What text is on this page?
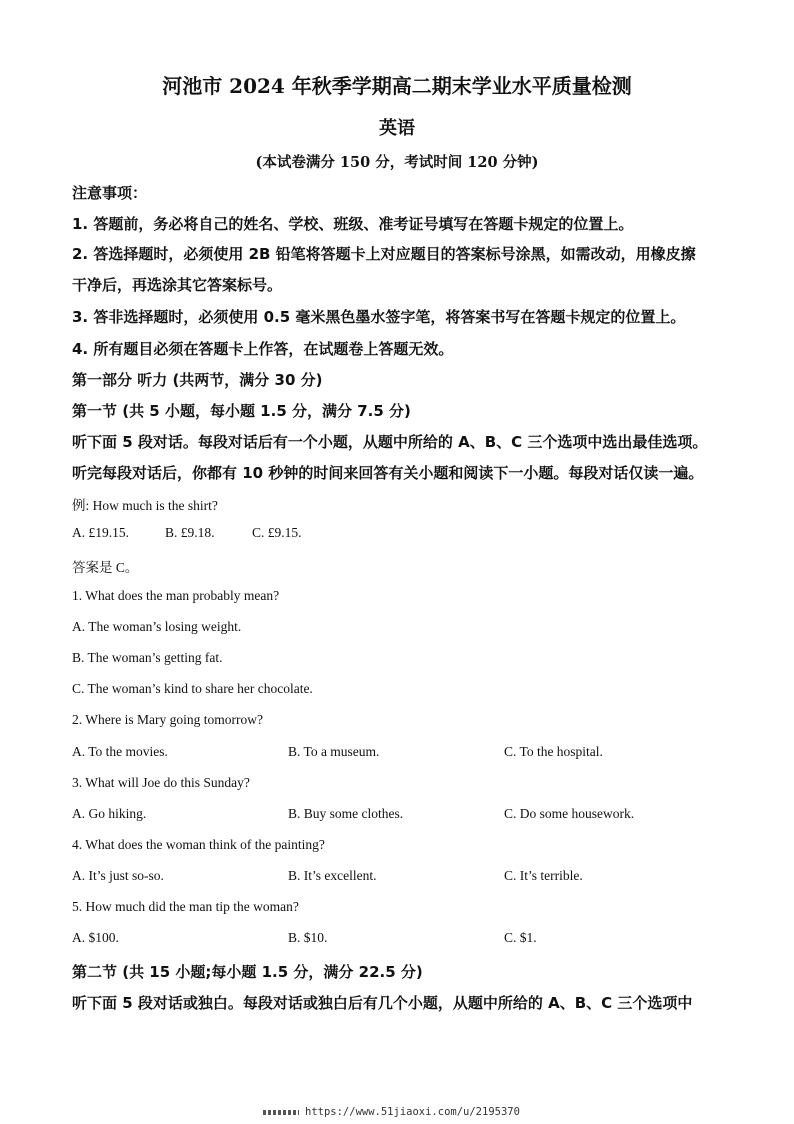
河池市 2024 年秋季学期高二期末学业水平质量检测
英语
(本试卷满分 150 分，考试时间 120 分钟)
注意事项：
1. 答题前，务必将自己的姓名、学校、班级、准考证号填写在答题卡规定的位置上。
2. 答选择题时，必须使用 2B 铅笔将答题卡上对应题目的答案标号涂黑，如需改动，用橡皮擦
干净后，再选涂其它答案标号。
3. 答非选择题时，必须使用 0.5 毫米黑色墨水签字笔，将答案书写在答题卡规定的位置上。
4. 所有题目必须在答题卡上作答，在试题卷上答题无效。
第一部分 听力 (共两节，满分 30 分)
第一节 (共 5 小题，每小题 1.5 分，满分 7.5 分)
听下面 5 段对话。每段对话后有一个小题，从题中所给的 A、B、C 三个选项中选出最佳选项。
听完每段对话后，你都有 10 秒钟的时间来回答有关小题和阅读下一小题。每段对话仅读一遍。
例: How much is the shirt?
A. £19.15.	B. £9.18.	C. £9.15.
答案是 C。
1. What does the man probably mean?
A. The woman’s losing weight.
B. The woman’s getting fat.
C. The woman’s kind to share her chocolate.
2. Where is Mary going tomorrow?
A. To the movies.	B. To a museum.	C. To the hospital.
3. What will Joe do this Sunday?
A. Go hiking.	B. Buy some clothes.	C. Do some housework.
4. What does the woman think of the painting?
A. It’s just so-so.	B. It’s excellent.	C. It’s terrible.
5. How much did the man tip the woman?
A. $100.	B. $10.	C. $1.
第二节 (共 15 小题;每小题 1.5 分，满分 22.5 分)
听下面 5 段对话或独白。每段对话或独白后有几个小题，从题中所给的 A、B、C 三个选项中
https://www.51jiaoxi.com/u/2195370
